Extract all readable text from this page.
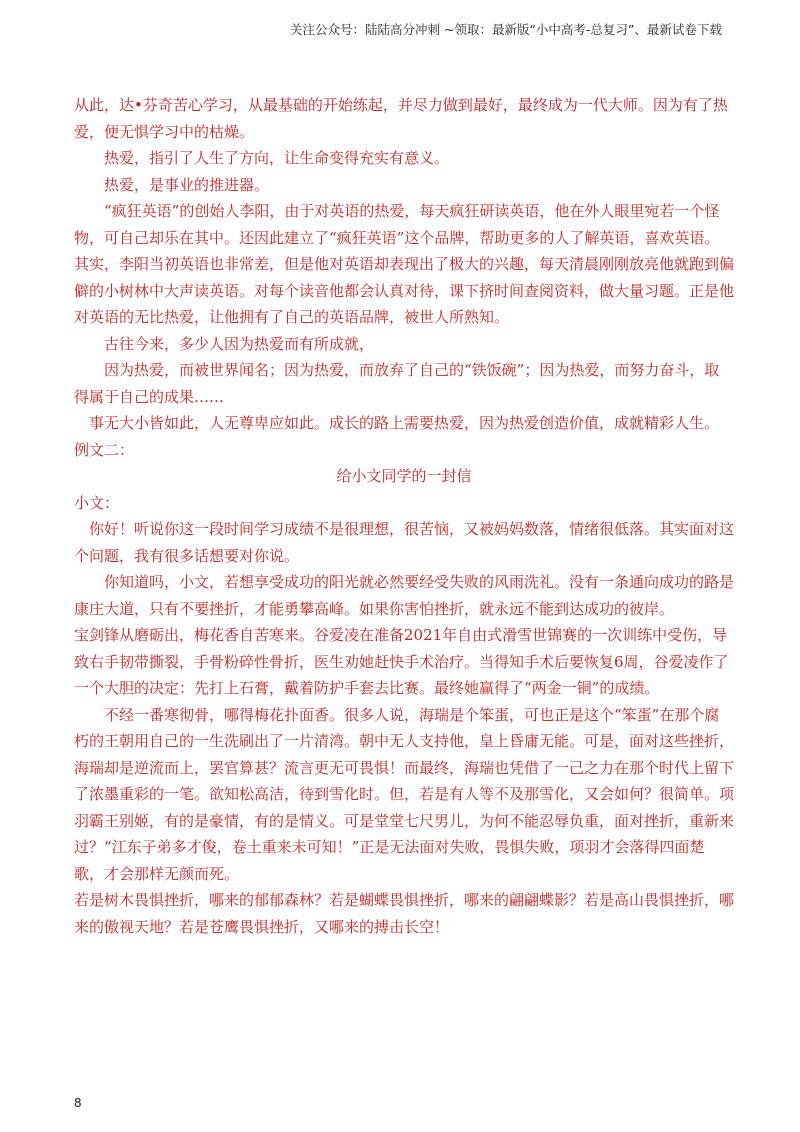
关注公众号：陆陆高分冲刺 ~领取：最新版“小中高考-总复习”、最新试卷下载

从此，达•芬奇苦心学习，从最基础的开始练起，并尽力做到最好，最终成为一代大师。因为有了热爱，便无惧学习中的枯燥。

热爱，指引了人生了方向，让生命变得充实有意义。

热爱，是事业的推进器。

“疯狂英语”的创始人李阳，由于对英语的热爱，每天疯狂研读英语，他在外人眼里宛若一个怪物，可自己却乐在其中。还因此建立了“疯狂英语”这个品牌，帮助更多的人了解英语，喜欢英语。其实，李阳当初英语也非常差，但是他对英语却表现出了极大的兴趣，每天清晨刚刚放亮他就跑到偏僻的小树林中大声读英语。对每个读音他都会认真对待，课下挤时间查阅资料，做大量习题。正是他对英语的无比热爱，让他拥有了自己的英语品牌，被世人所熟知。

古往今来，多少人因为热爱而有所成就，

因为热爱，而被世界闻名；因为热爱，而放弃了自己的“铁饭碗”；因为热爱，而努力奋斗，取得属于自己的成果……

事无大小皆如此，人无尊卑应如此。成长的路上需要热爱，因为热爱创造价值，成就精彩人生。

例文二：

给小文同学的一封信

小文：

你好！听说你这一段时间学习成绩不是很理想，很苦恼，又被妈妈数落，情绪很低落。其实面对这个问题，我有很多话想要对你说。

你知道吗，小文，若想享受成功的阳光就必然要经受失败的风雨洗礼。没有一条通向成功的路是康庄大道，只有不要挫折，才能勇攀高峰。如果你害怕挫折，就永远不能到达成功的彼岸。

宝剑锋从磨砺出，梅花香自苦寒来。谷爱凌在准备2021年自由式滑雪世锦赛的一次训练中受伤，导致右手韧带撕裂，手骨粉碎性骨折，医生劝她赶快手术治疗。当得知手术后要恢复6周，谷爱凌作了一个大胆的决定：先打上石膏，戴着防护手套去比赛。最终她赢得了“两金一铜”的成绩。

不经一番寒彻骨，哪得梅花扑面香。很多人说，海瑞是个笨蛋，可也正是这个“笨蛋”在那个腐朽的王朝用自己的一生洗刷出了一片清湾。朝中无人支持他，皇上昏庸无能。可是，面对这些挫折，海瑞却是逆流而上，罢官算甚？流言更无可畏惧！而最终，海瑞也凭借了一己之力在那个时代上留下了浓墨重彩的一笔。欲知松高洁，待到雪化时。但，若是有人等不及那雪化，又会如何？很简单。项羽霸王别姬，有的是豪情，有的是情义。可是堂堂七尺男儿，为何不能忍辱负重，面对挫折，重新来过？“江东子弟多才俊，卷土重来未可知！”正是无法面对失败，畏惧失败，项羽才会落得四面楚歌，才会那样无颜而死。

若是树木畏惧挫折，哪来的郁郁森林？若是蝴蝶畏惧挫折，哪来的翩翩蝶影？若是高山畏惧挫折，哪来的傲视天地？若是苍鹰畏惧挫折，又哪来的搏击长空！

8
